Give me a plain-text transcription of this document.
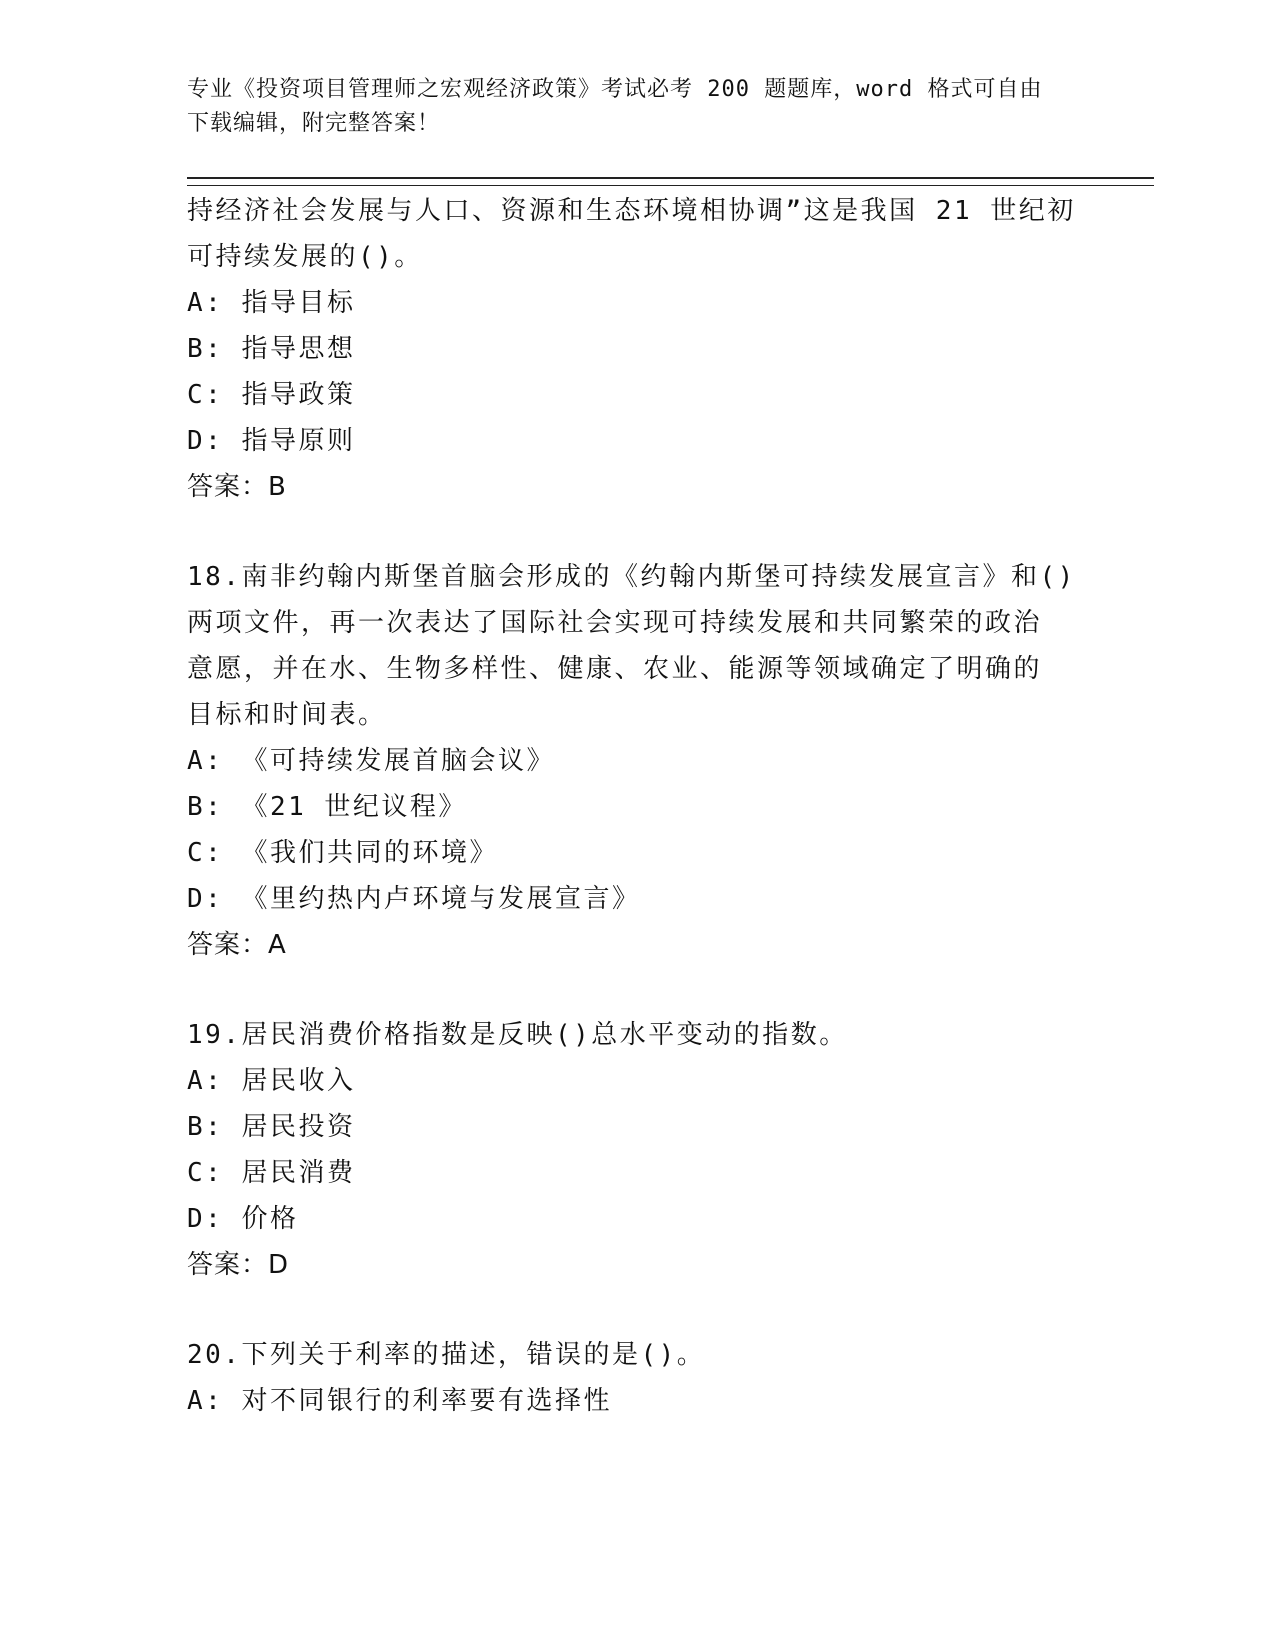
专业《投资项目管理师之宏观经济政策》考试必考 200 题题库，word 格式可自由
下载编辑，附完整答案！
持经济社会发展与人口、资源和生态环境相协调”这是我国 21 世纪初
可持续发展的()。
A: 指导目标
B: 指导思想
C: 指导政策
D: 指导原则
答案：B
18.南非约翰内斯堡首脑会形成的《约翰内斯堡可持续发展宣言》和()
两项文件，再一次表达了国际社会实现可持续发展和共同繁荣的政治
意愿，并在水、生物多样性、健康、农业、能源等领域确定了明确的
目标和时间表。
A: 《可持续发展首脑会议》
B: 《21 世纪议程》
C: 《我们共同的环境》
D: 《里约热内卢环境与发展宣言》
答案：A
19.居民消费价格指数是反映()总水平变动的指数。
A: 居民收入
B: 居民投资
C: 居民消费
D: 价格
答案：D
20.下列关于利率的描述，错误的是()。
A: 对不同银行的利率要有选择性
